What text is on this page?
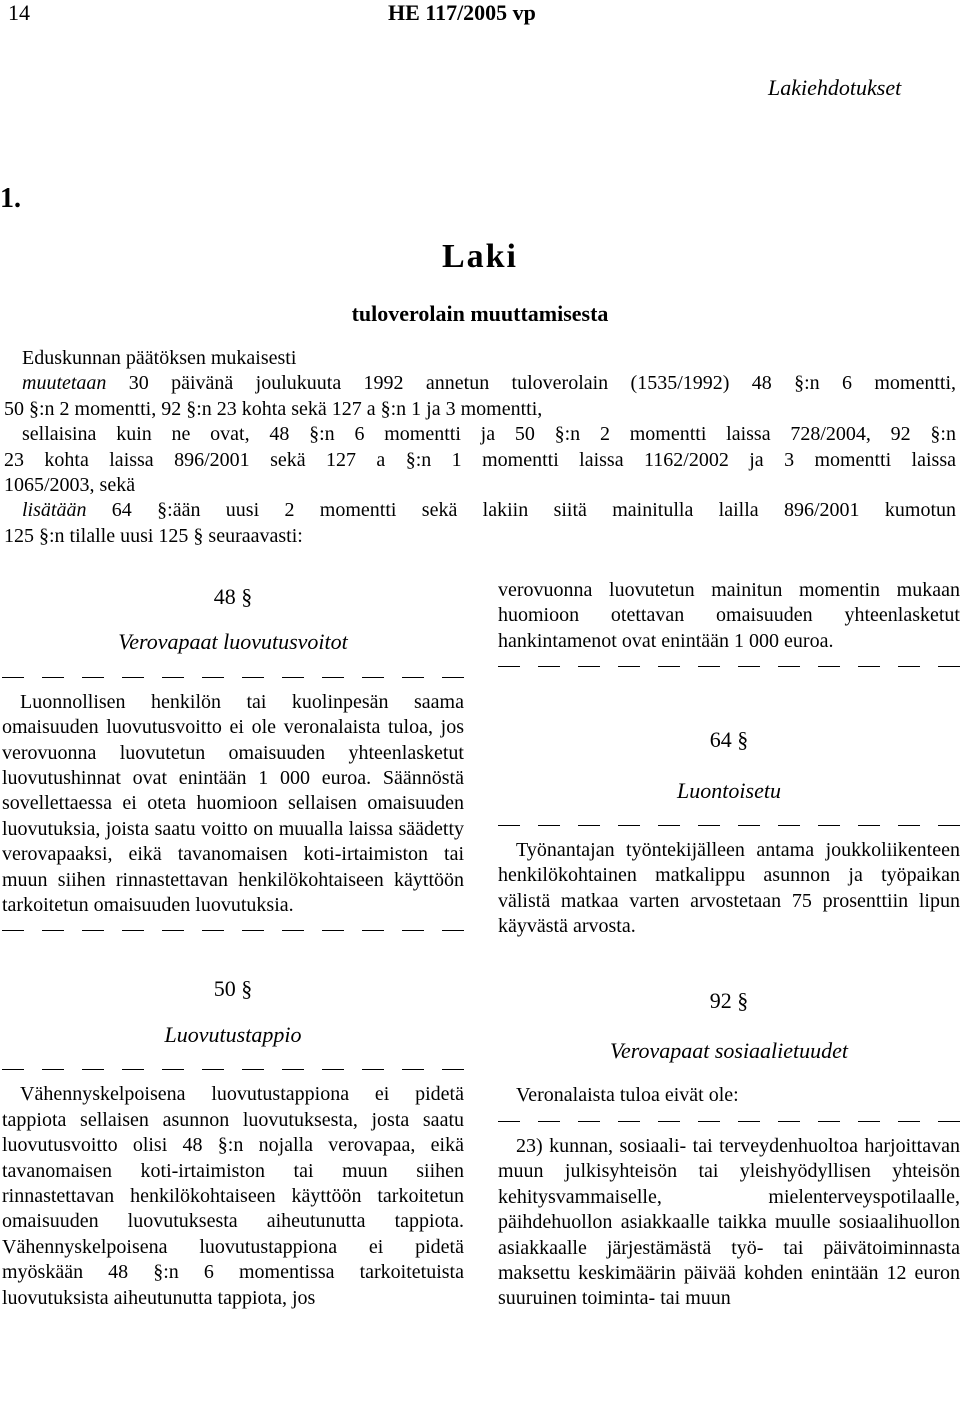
14	HE 117/2005 vp
Lakiehdotukset
1.
Laki
tuloverolain muuttamisesta

Eduskunnan päätöksen mukaisesti

muutetaan 30 päivänä joulukuuta 1992 annetun tuloverolain (1535/1992) 48 §:n 6 momentti,

50 §:n 2 momentti, 92 §:n 23 kohta sekä 127 a §:n 1 ja 3 momentti,

sellaisina kuin ne ovat, 48 §:n 6 momentti ja 50 §:n 2 momentti laissa 728/2004, 92 §:n

23 kohta laissa 896/2001 sekä 127 a §:n 1 momentti laissa 1162/2002 ja 3 momentti laissa

1065/2003, sekä

lisätään 64 §:ään uusi 2 momentti sekä lakiin siitä mainitulla lailla 896/2001 kumotun

125 §:n tilalle uusi 125 § seuraavasti:

48 §

Verovapaat luovutusvoitot

Luonnollisen henkilön tai kuolinpesän saama omaisuuden luovutusvoitto ei ole veronalaista tuloa, jos verovuonna luovutetun omaisuuden yhteenlasketut luovutushinnat ovat enintään 1 000 euroa. Säännöstä sovellettaessa ei oteta huomioon sellaisen omaisuuden luovutuksia, joista saatu voitto on muualla laissa säädetty verovapaaksi, eikä tavanomaisen koti-irtaimiston tai muun siihen rinnastettavan henkilökohtaiseen käyttöön tarkoitetun omaisuuden luovutuksia.

50 §

Luovutustappio

Vähennyskelpoisena luovutustappiona ei pidetä tappiota sellaisen asunnon luovutuksesta, josta saatu luovutusvoitto olisi 48 §:n nojalla verovapaa, eikä tavanomaisen koti-irtaimiston tai muun siihen rinnastettavan henkilökohtaiseen käyttöön tarkoitetun omaisuuden luovutuksesta aiheutunutta tappiota. Vähennyskelpoisena luovutustappiona ei pidetä myöskään 48 §:n 6 momentissa tarkoitetuista luovutuksista aiheutunutta tappiota, jos

verovuonna luovutetun mainitun momentin mukaan huomioon otettavan omaisuuden yhteenlasketut hankintamenot ovat enintään 1 000 euroa.

64 §

Luontoisetu

Työnantajan työntekijälleen antama joukkoliikenteen henkilökohtainen matkalippu asunnon ja työpaikan välistä matkaa varten arvostetaan 75 prosenttiin lipun käyvästä arvosta.

92 §

Verovapaat sosiaalietuudet

Veronalaista tuloa eivät ole:

23) kunnan, sosiaali- tai terveydenhuoltoa harjoittavan muun julkisyhteisön tai yleishyödyllisen yhteisön kehitysvammaiselle, mielenterveyspotilaalle, päihdehuollon asiakkaalle taikka muulle sosiaalihuollon asiakkaalle järjestämästä työ- tai päivätoiminnasta maksettu keskimäärin päivää kohden enintään 12 euron suuruinen toiminta- tai muun
